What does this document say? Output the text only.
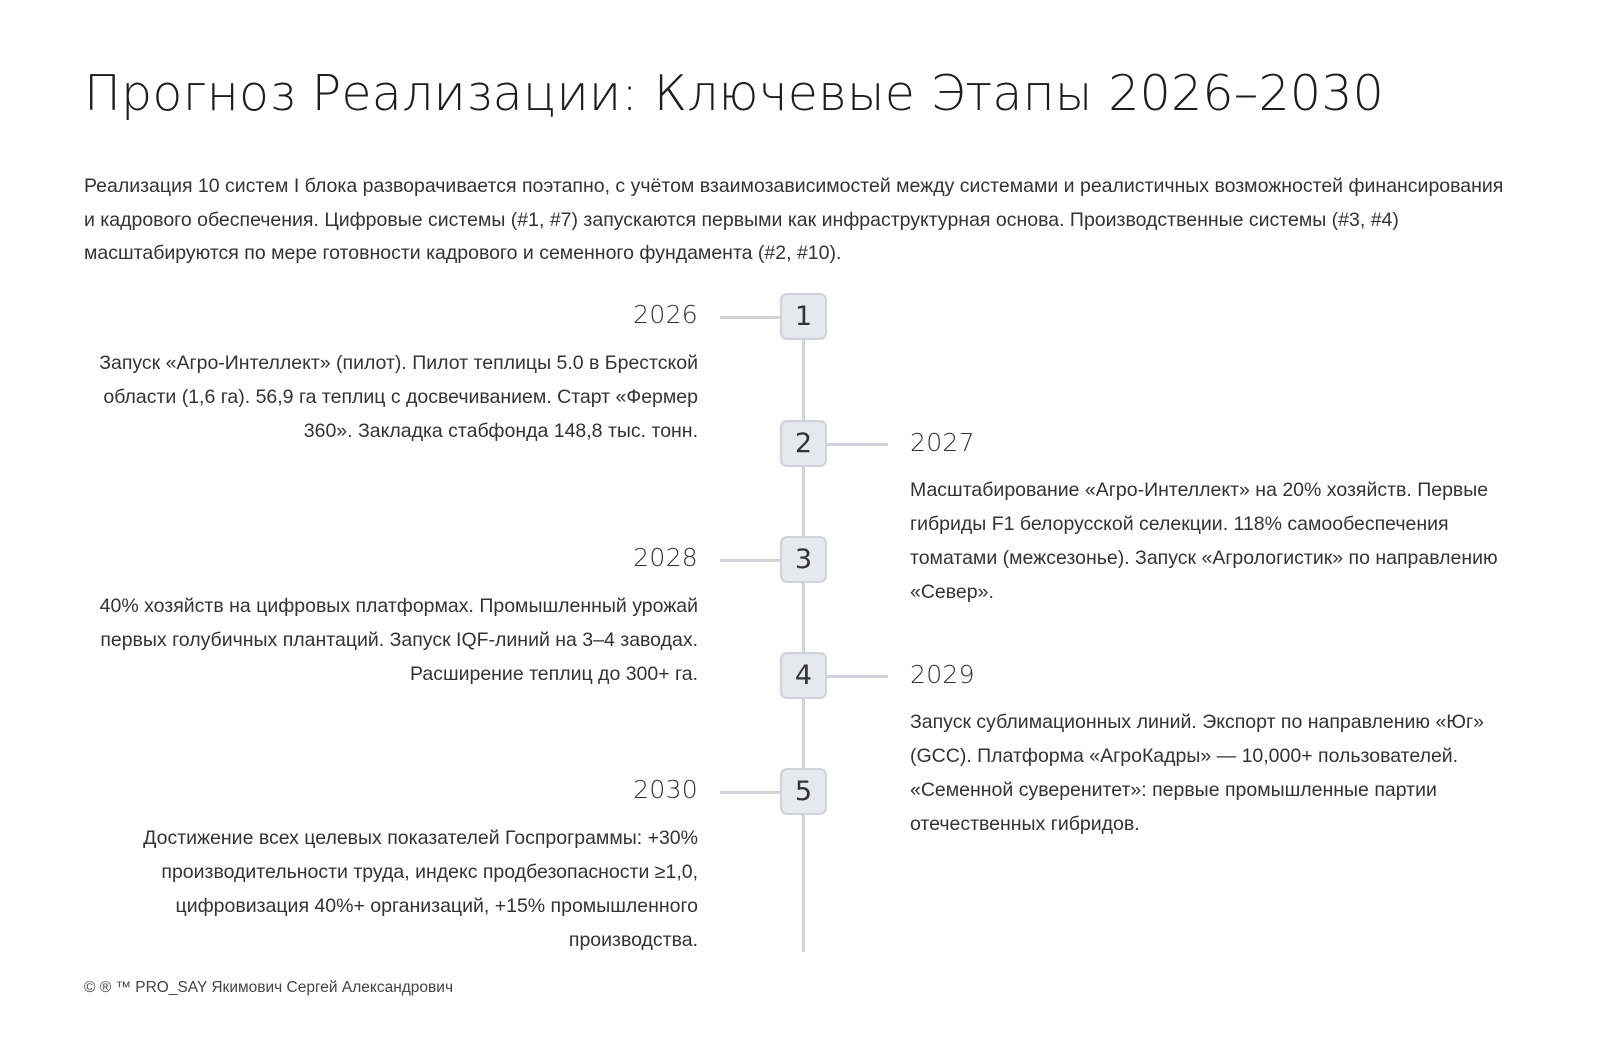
Прогноз Реализации: Ключевые Этапы 2026–2030

Реализация 10 систем I блока разворачивается поэтапно, с учётом взаимозависимостей между системами и реалистичных возможностей финансирования и кадрового обеспечения. Цифровые системы (#1, #7) запускаются первыми как инфраструктурная основа. Производственные системы (#3, #4) масштабируются по мере готовности кадрового и семенного фундамента (#2, #10).

1
2026
Запуск «Агро-Интеллект» (пилот). Пилот теплицы 5.0 в Брестской области (1,6 га). 56,9 га теплиц с досвечиванием. Старт «Фермер 360». Закладка стабфонда 148,8 тыс. тонн.	2	2027
Масштабирование «Агро-Интеллект» на 20% хозяйств. Первые гибриды F1 белорусской селекции. 118% самообеспечения томатами (межсезонье). Запуск «Агрологистик» по направлению «Север».
3
2028
40% хозяйств на цифровых платформах. Промышленный урожай первых голубичных плантаций. Запуск IQF-линий на 3–4 заводах. Расширение теплиц до 300+ га.	4	2029
Запуск сублимационных линий. Экспорт по направлению «Юг» (GCC). Платформа «АгроКадры» — 10,000+ пользователей. «Семенной суверенитет»: первые промышленные партии отечественных гибридов.
5
2030
Достижение всех целевых показателей Госпрограммы: +30% производительности труда, индекс продбезопасности ≥1,0, цифровизация 40%+ организаций, +15% промышленного производства.
© ® ™ PRO_SAY Якимович Сергей Александрович
